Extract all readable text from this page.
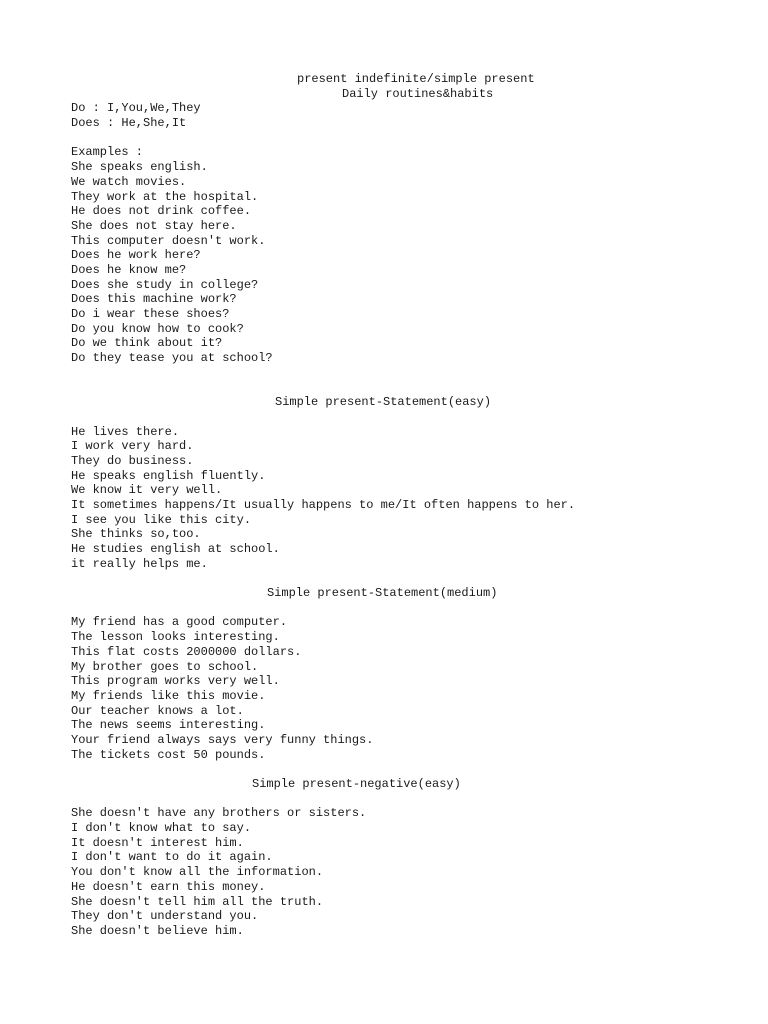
present indefinite/simple present
Daily routines&habits
Do : I,You,We,They
Does : He,She,It
Examples :
She speaks english.
We watch movies.
They work at the hospital.
He does not drink coffee.
She does not stay here.
This computer doesn't work.
Does he work here?
Does he know me?
Does she study in college?
Does this machine work?
Do i wear these shoes?
Do you know how to cook?
Do we think about it?
Do they tease you at school?
Simple present-Statement(easy)
He lives there.
I work very hard.
They do business.
He speaks english fluently.
We know it very well.
It sometimes happens/It usually happens to me/It often happens to her.
I see you like this city.
She thinks so,too.
He studies english at school.
it really helps me.
Simple present-Statement(medium)
My friend has a good computer.
The lesson looks interesting.
This flat costs 2000000 dollars.
My brother goes to school.
This program works very well.
My friends like this movie.
Our teacher knows a lot.
The news seems interesting.
Your friend always says very funny things.
The tickets cost 50 pounds.
Simple present-negative(easy)
She doesn't have any brothers or sisters.
I don't know what to say.
It doesn't interest him.
I don't want to do it again.
You don't know all the information.
He doesn't earn this money.
She doesn't tell him all the truth.
They don't understand you.
She doesn't believe him.
